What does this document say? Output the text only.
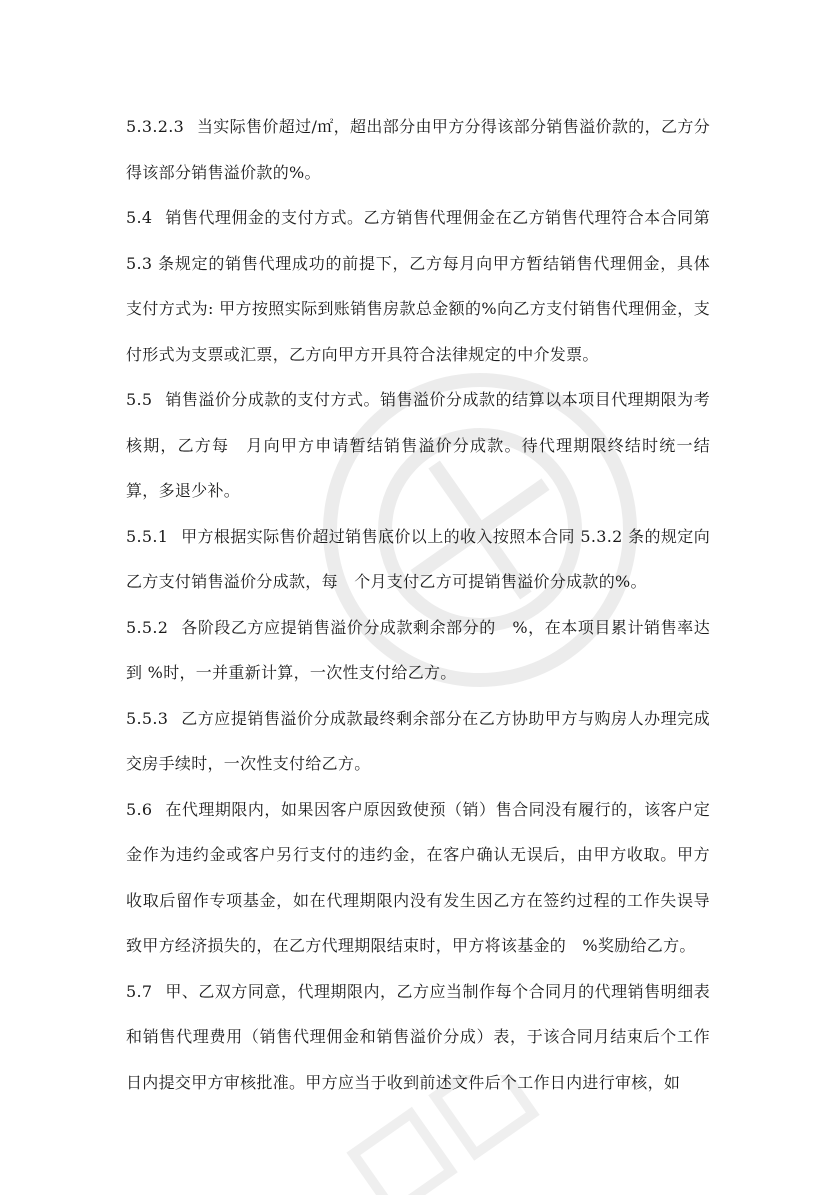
5.3.2.3 当实际售价超过/㎡，超出部分由甲方分得该部分销售溢价款的，乙方分得该部分销售溢价款的%。

5.4 销售代理佣金的支付方式。乙方销售代理佣金在乙方销售代理符合本合同第 5.3 条规定的销售代理成功的前提下，乙方每月向甲方暂结销售代理佣金，具体支付方式为: 甲方按照实际到账销售房款总金额的%向乙方支付销售代理佣金，支付形式为支票或汇票，乙方向甲方开具符合法律规定的中介发票。

5.5 销售溢价分成款的支付方式。销售溢价分成款的结算以本项目代理期限为考核期，乙方每　月向甲方申请暂结销售溢价分成款。待代理期限终结时统一结算，多退少补。

5.5.1 甲方根据实际售价超过销售底价以上的收入按照本合同 5.3.2 条的规定向乙方支付销售溢价分成款，每　个月支付乙方可提销售溢价分成款的%。

5.5.2 各阶段乙方应提销售溢价分成款剩余部分的　%，在本项目累计销售率达到 %时，一并重新计算，一次性支付给乙方。

5.5.3 乙方应提销售溢价分成款最终剩余部分在乙方协助甲方与购房人办理完成交房手续时，一次性支付给乙方。

5.6 在代理期限内，如果因客户原因致使预（销）售合同没有履行的，该客户定金作为违约金或客户另行支付的违约金，在客户确认无误后，由甲方收取。甲方收取后留作专项基金，如在代理期限内没有发生因乙方在签约过程的工作失误导致甲方经济损失的，在乙方代理期限结束时，甲方将该基金的　%奖励给乙方。

5.7 甲、乙双方同意，代理期限内，乙方应当制作每个合同月的代理销售明细表和销售代理费用（销售代理佣金和销售溢价分成）表，于该合同月结束后个工作日内提交甲方审核批准。甲方应当于收到前述文件后个工作日内进行审核，如
